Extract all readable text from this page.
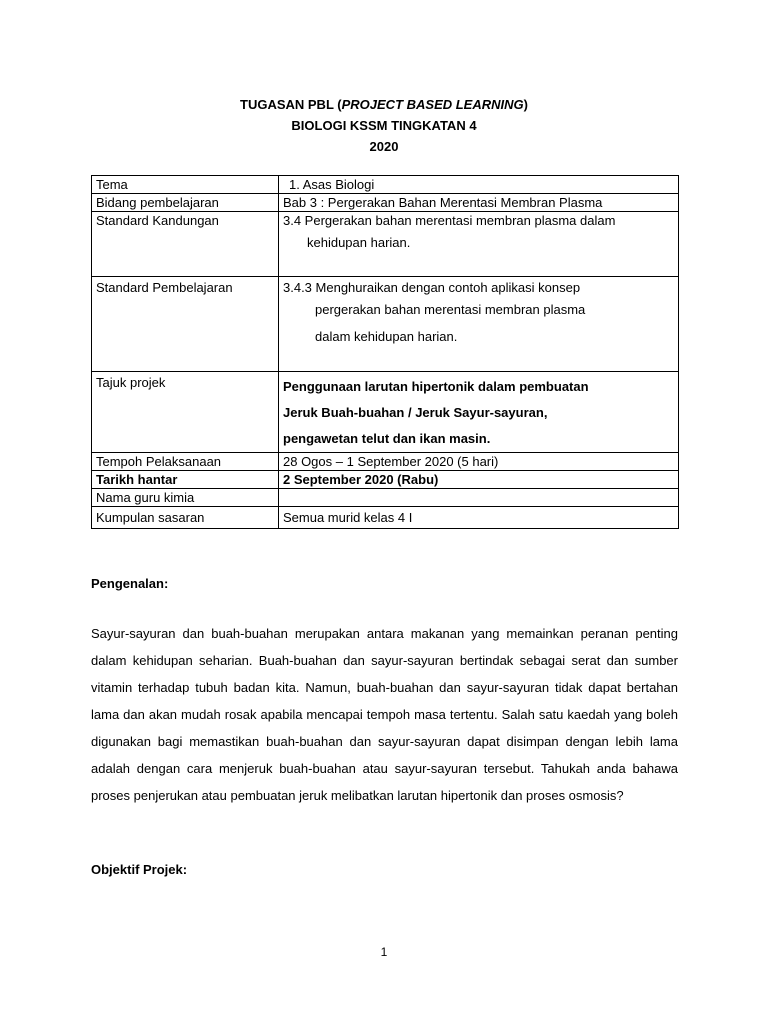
TUGASAN PBL (PROJECT BASED LEARNING)
BIOLOGI KSSM TINGKATAN 4
2020
Tema	1. Asas Biologi
Bidang pembelajaran	Bab 3 : Pergerakan Bahan Merentasi Membran Plasma
Standard Kandungan	3.4 Pergerakan bahan merentasi membran plasma dalam
kehidupan harian.

Standard Pembelajaran	3.4.3 Menghuraikan dengan contoh aplikasi konsep
pergerakan bahan merentasi membran plasma
dalam kehidupan harian.

Tajuk projek	Penggunaan larutan hipertonik dalam pembuatan
Jeruk Buah-buahan / Jeruk Sayur-sayuran,
pengawetan telut dan ikan masin.

Tempoh Pelaksanaan	28 Ogos – 1 September 2020 (5 hari)
Tarikh hantar	2 September 2020 (Rabu)
Nama guru kimia	
Kumpulan sasaran	Semua murid kelas 4 I
Pengenalan:
Sayur-sayuran dan buah-buahan merupakan antara makanan yang memainkan peranan penting dalam kehidupan seharian. Buah-buahan dan sayur-sayuran bertindak sebagai serat dan sumber vitamin terhadap tubuh badan kita. Namun, buah-buahan dan sayur-sayuran tidak dapat bertahan lama dan akan mudah rosak apabila mencapai tempoh masa tertentu. Salah satu kaedah yang boleh digunakan bagi memastikan buah-buahan dan sayur-sayuran dapat disimpan dengan lebih lama adalah dengan cara menjeruk buah-buahan atau sayur-sayuran tersebut. Tahukah anda bahawa proses penjerukan atau pembuatan jeruk melibatkan larutan hipertonik dan proses osmosis?
Objektif Projek:
1
